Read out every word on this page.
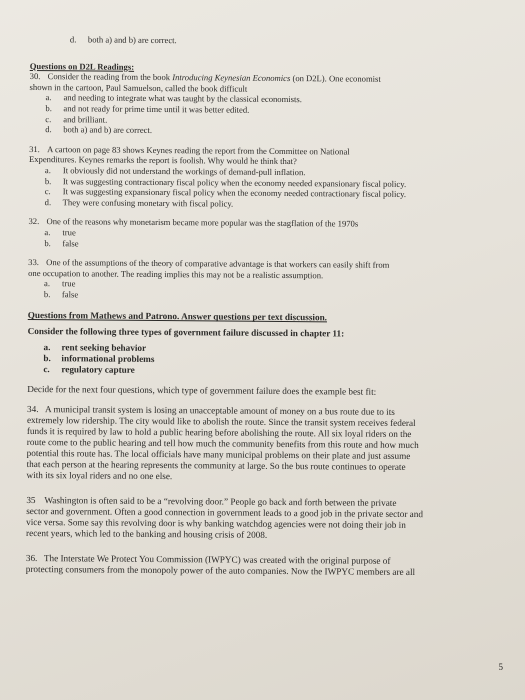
d.	both a) and b) are correct.
Questions on D2L Readings:
30. Consider the reading from the book Introducing Keynesian Economics (on D2L). One economist
shown in the cartoon, Paul Samuelson, called the book difficult
a.	and needing to integrate what was taught by the classical economists.
b.	and not ready for prime time until it was better edited.
c.	and brilliant.
d.	both a) and b) are correct.
31. A cartoon on page 83 shows Keynes reading the report from the Committee on National
Expenditures. Keynes remarks the report is foolish. Why would he think that?
a.	It obviously did not understand the workings of demand-pull inflation.
b.	It was suggesting contractionary fiscal policy when the economy needed expansionary fiscal policy.
c.	It was suggesting expansionary fiscal policy when the economy needed contractionary fiscal policy.
d.	They were confusing monetary with fiscal policy.
32. One of the reasons why monetarism became more popular was the stagflation of the 1970s
a.	true
b.	false
33. One of the assumptions of the theory of comparative advantage is that workers can easily shift from
one occupation to another. The reading implies this may not be a realistic assumption.
a.	true
b.	false
Questions from Mathews and Patrono. Answer questions per text discussion.
Consider the following three types of government failure discussed in chapter 11:
a.	rent seeking behavior
b.	informational problems
c.	regulatory capture
Decide for the next four questions, which type of government failure does the example best fit:
34. A municipal transit system is losing an unacceptable amount of money on a bus route due to its
extremely low ridership. The city would like to abolish the route. Since the transit system receives federal
funds it is required by law to hold a public hearing before abolishing the route. All six loyal riders on the
route come to the public hearing and tell how much the community benefits from this route and how much
potential this route has. The local officials have many municipal problems on their plate and just assume
that each person at the hearing represents the community at large. So the bus route continues to operate
with its six loyal riders and no one else.
35 Washington is often said to be a “revolving door.” People go back and forth between the private
sector and government. Often a good connection in government leads to a good job in the private sector and
vice versa. Some say this revolving door is why banking watchdog agencies were not doing their job in
recent years, which led to the banking and housing crisis of 2008.
36. The Interstate We Protect You Commission (IWPYC) was created with the original purpose of
protecting consumers from the monopoly power of the auto companies. Now the IWPYC members are all
5
